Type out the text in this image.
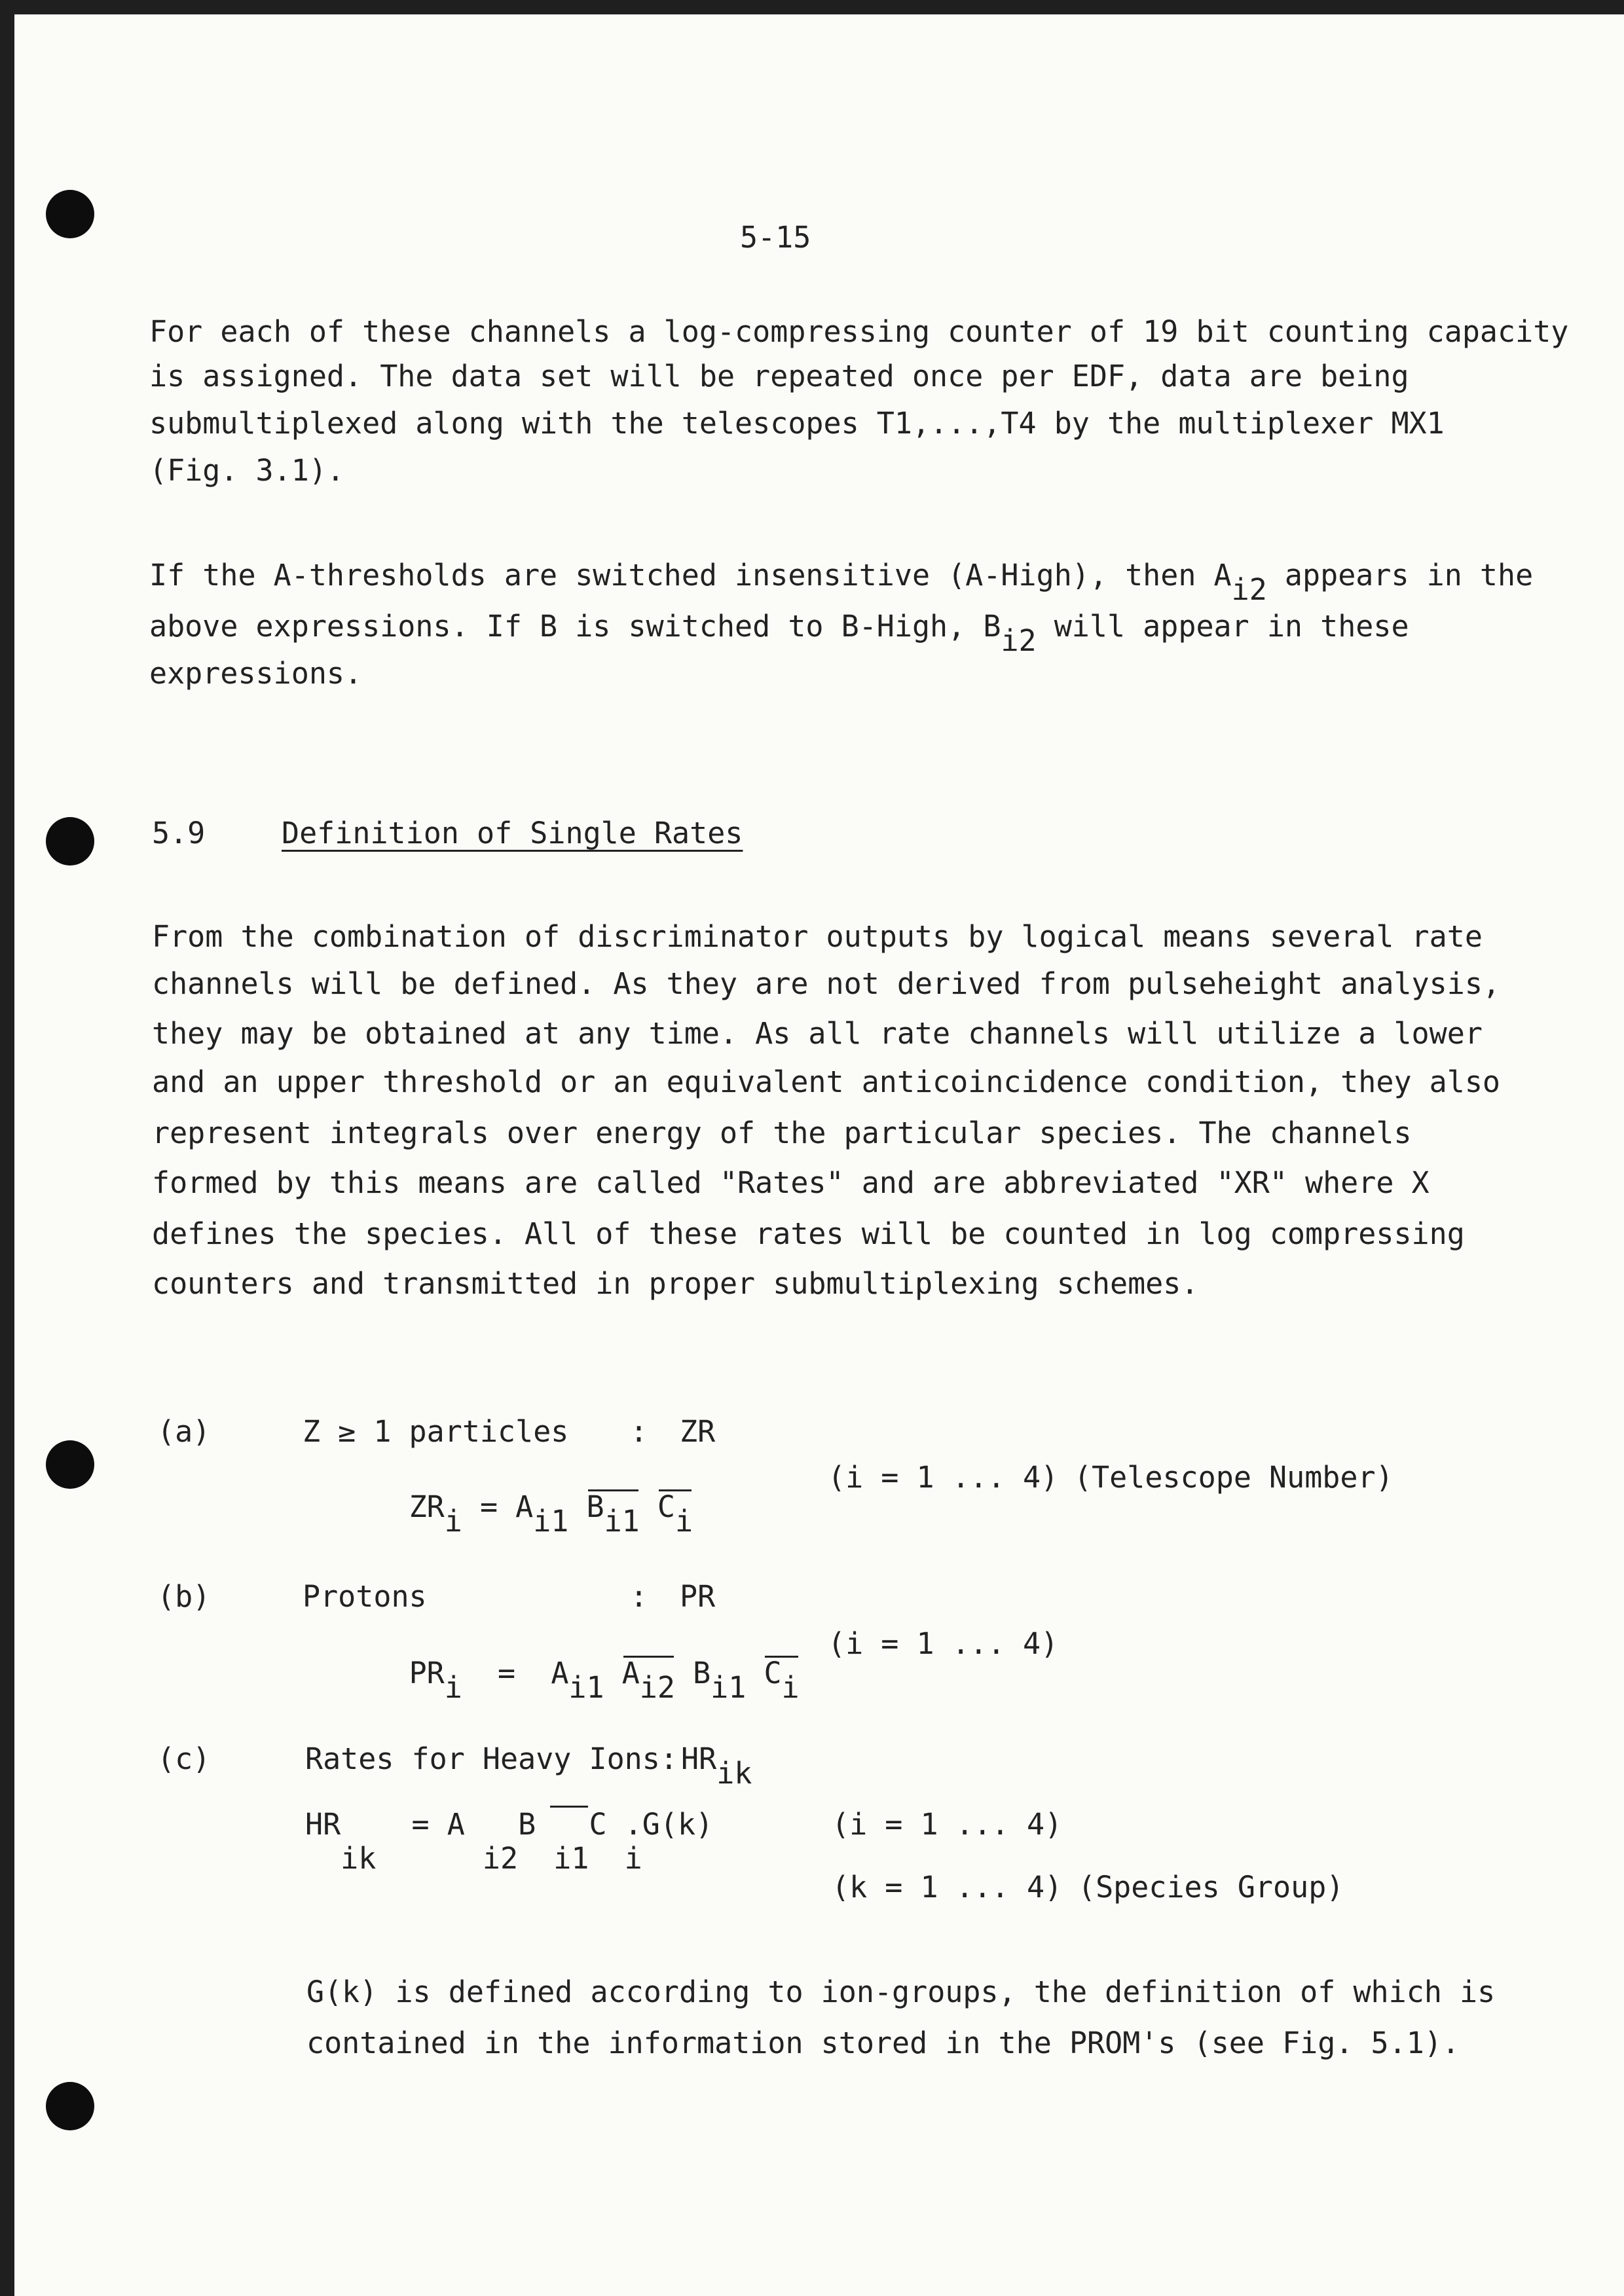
5-15
For each of these channels a log-compressing counter of 19 bit counting capacity
is assigned. The data set will be repeated once per EDF, data are being
submultiplexed along with the telescopes T1,...,T4 by the multiplexer MX1
(Fig. 3.1).
If the A-thresholds are switched insensitive (A-High), then $A_{i2}$ appears in the
above expressions. If B is switched to B-High, $B_{i2}$ will appear in these
expressions.
5.9	Definition of Single Rates
From the combination of discriminator outputs by logical means several rate
channels will be defined. As they are not derived from pulseheight analysis,
they may be obtained at any time. As all rate channels will utilize a lower
and an upper threshold or an equivalent anticoincidence condition, they also
represent integrals over energy of the particular species. The channels
formed by this means are called "Rates" and are abbreviated "XR" where X
defines the species. All of these rates will be counted in log compressing
counters and transmitted in proper submultiplexing schemes.
(a)	Z ≥ 1 particles : ZR

$ZR_i = A_{i1}$ $B_{i1}$ $C_i$

(i = 1 ... 4) (Telescope Number)
(b)	Protons	: PR

$PR_i = A_{i1}$ $A_{i2}$ $B_{i1}$ $C_i$

(i = 1 ... 4)
(c)	Rates for Heavy Ions: $HR_{ik}$
HR    = A   B   C .G(k)
ik      i2  i1  i
(i = 1 ... 4)
(k = 1 ... 4) (Species Group)
G(k) is defined according to ion-groups, the definition of which is
contained in the information stored in the PROM's (see Fig. 5.1).
